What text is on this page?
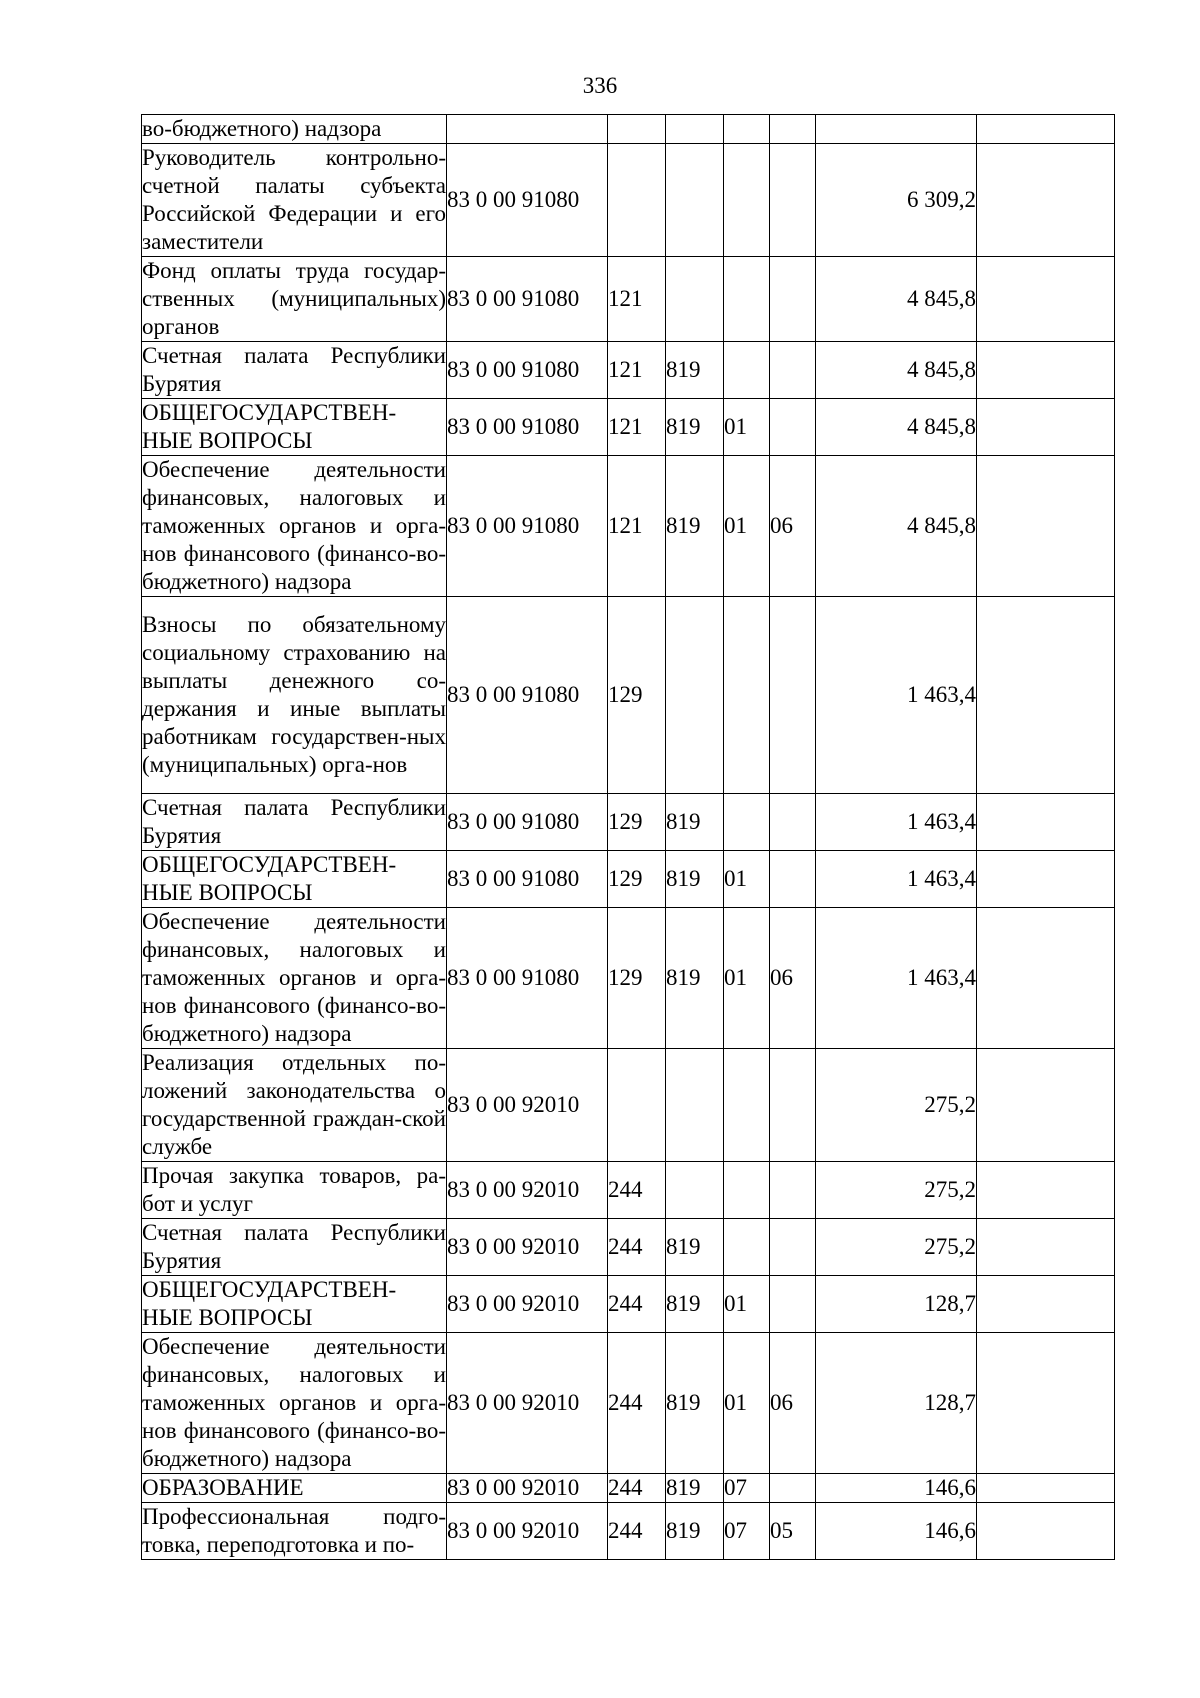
336
во-бюджетного) надзора							
Руководитель контрольно-счетной палаты субъекта Российской Федерации и его заместители	83 0 00 91080					6 309,2	
Фонд оплаты труда государ-ственных (муниципальных) органов	83 0 00 91080	121				4 845,8	
Счетная палата Республики Бурятия	83 0 00 91080	121	819			4 845,8	
ОБЩЕГОСУДАРСТВЕН-НЫЕ ВОПРОСЫ	83 0 00 91080	121	819	01		4 845,8	
Обеспечение деятельности финансовых, налоговых и таможенных органов и орга-нов финансового (финансо-во-бюджетного) надзора	83 0 00 91080	121	819	01	06	4 845,8	
Взносы по обязательному социальному страхованию на выплаты денежного со-держания и иные выплаты работникам государствен-ных (муниципальных) орга-нов	83 0 00 91080	129				1 463,4	
Счетная палата Республики Бурятия	83 0 00 91080	129	819			1 463,4	
ОБЩЕГОСУДАРСТВЕН-НЫЕ ВОПРОСЫ	83 0 00 91080	129	819	01		1 463,4	
Обеспечение деятельности финансовых, налоговых и таможенных органов и орга-нов финансового (финансо-во-бюджетного) надзора	83 0 00 91080	129	819	01	06	1 463,4	
Реализация отдельных по-ложений законодательства о государственной граждан-ской службе	83 0 00 92010					275,2	
Прочая закупка товаров, ра-бот и услуг	83 0 00 92010	244				275,2	
Счетная палата Республики Бурятия	83 0 00 92010	244	819			275,2	
ОБЩЕГОСУДАРСТВЕН-НЫЕ ВОПРОСЫ	83 0 00 92010	244	819	01		128,7	
Обеспечение деятельности финансовых, налоговых и таможенных органов и орга-нов финансового (финансо-во-бюджетного) надзора	83 0 00 92010	244	819	01	06	128,7	
ОБРАЗОВАНИЕ	83 0 00 92010	244	819	07		146,6	
Профессиональная подго-товка, переподготовка и по-	83 0 00 92010	244	819	07	05	146,6	
